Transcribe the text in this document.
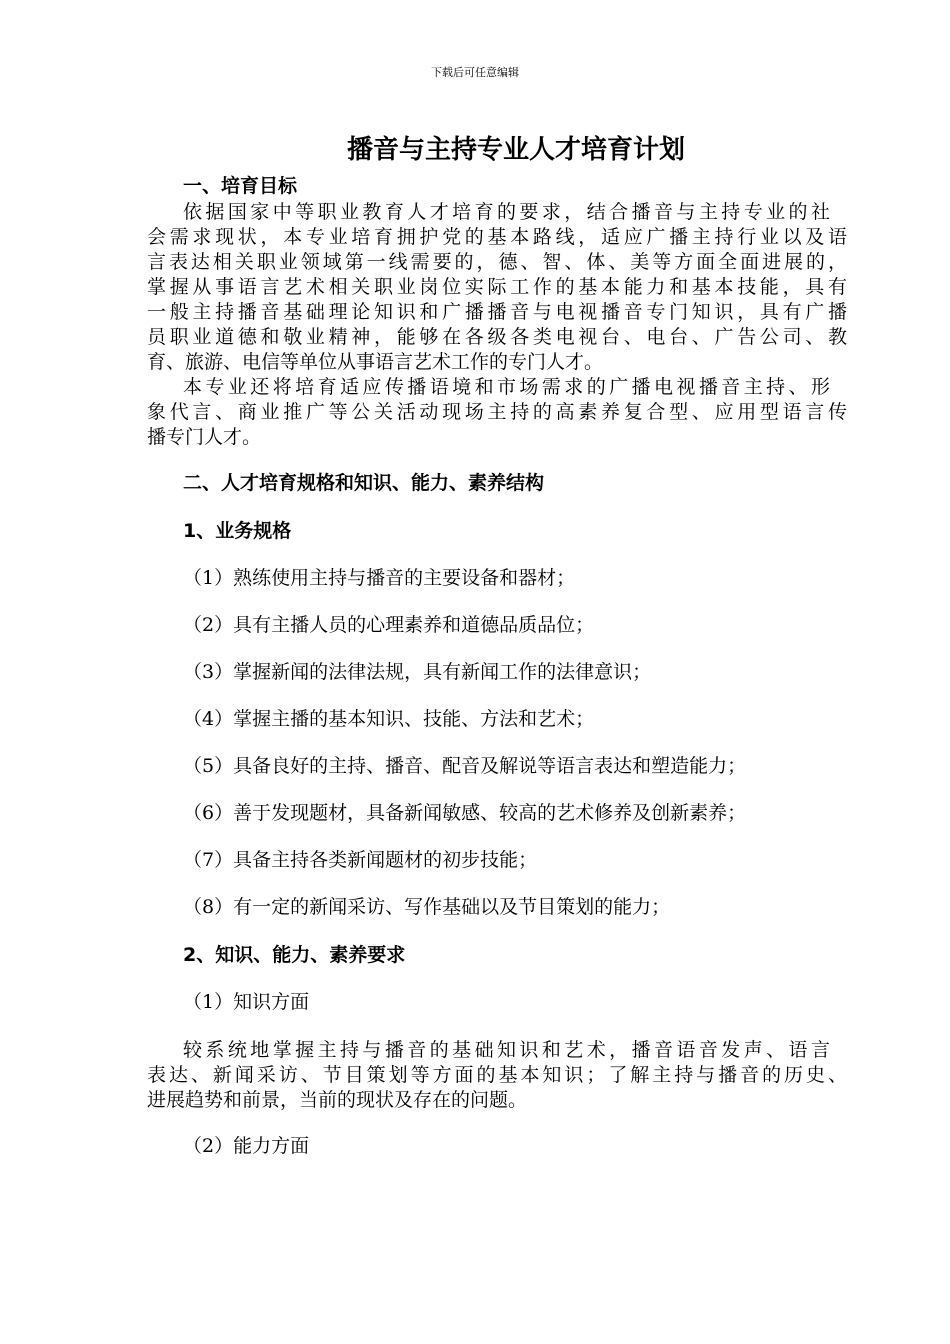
下载后可任意编辑
播音与主持专业人才培育计划
一、培育目标
依据国家中等职业教育人才培育的要求，结合播音与主持专业的社
会需求现状，本专业培育拥护党的基本路线，适应广播主持行业以及语
言表达相关职业领域第一线需要的，德、智、体、美等方面全面进展的，
掌握从事语言艺术相关职业岗位实际工作的基本能力和基本技能，具有
一般主持播音基础理论知识和广播播音与电视播音专门知识，具有广播
员职业道德和敬业精神，能够在各级各类电视台、电台、广告公司、教
育、旅游、电信等单位从事语言艺术工作的专门人才。
本专业还将培育适应传播语境和市场需求的广播电视播音主持、形
象代言、商业推广等公关活动现场主持的高素养复合型、应用型语言传
播专门人才。
二、人才培育规格和知识、能力、素养结构
1、业务规格
（1）熟练使用主持与播音的主要设备和器材；
（2）具有主播人员的心理素养和道德品质品位；
（3）掌握新闻的法律法规，具有新闻工作的法律意识；
（4）掌握主播的基本知识、技能、方法和艺术；
（5）具备良好的主持、播音、配音及解说等语言表达和塑造能力；
（6）善于发现题材，具备新闻敏感、较高的艺术修养及创新素养；
（7）具备主持各类新闻题材的初步技能；
（8）有一定的新闻采访、写作基础以及节目策划的能力；
2、知识、能力、素养要求
（1）知识方面
较系统地掌握主持与播音的基础知识和艺术，播音语音发声、语言
表达、新闻采访、节目策划等方面的基本知识；了解主持与播音的历史、
进展趋势和前景，当前的现状及存在的问题。
（2）能力方面
